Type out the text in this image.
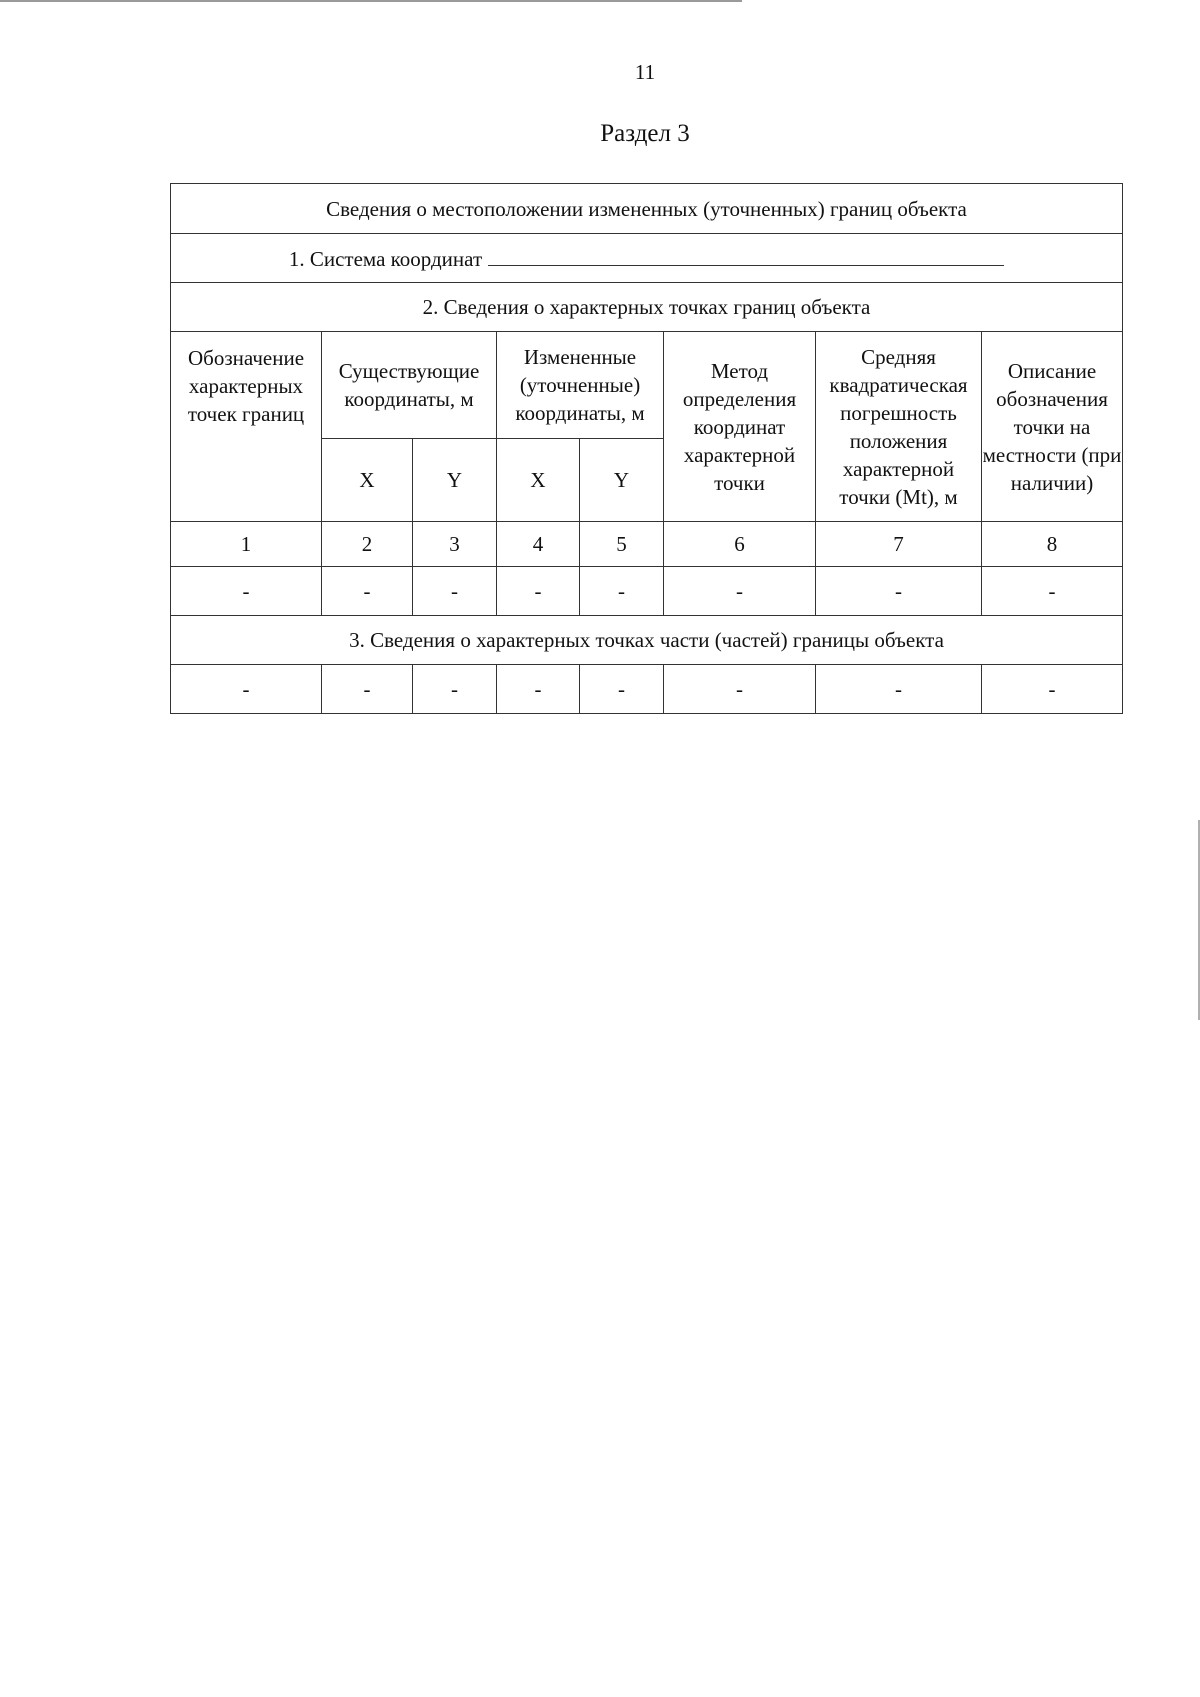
11
Раздел 3
Сведения о местоположении измененных (уточненных) границ объекта							
1. Система координат							
2. Сведения о характерных точках границ объекта							
Обозначение характерных точек границ	Существующие координаты, м		Измененные (уточненные) координаты, м		Метод определения координат характерной точки	Средняя квадратическая погрешность положения характерной точки (Mt), м	Описание обозначения точки на местности (при наличии)
	X	Y	X	Y			
1	2	3	4	5	6	7	8
-	-	-	-	-	-	-	-
3. Сведения о характерных точках части (частей) границы объекта							
-	-	-	-	-	-	-	-
